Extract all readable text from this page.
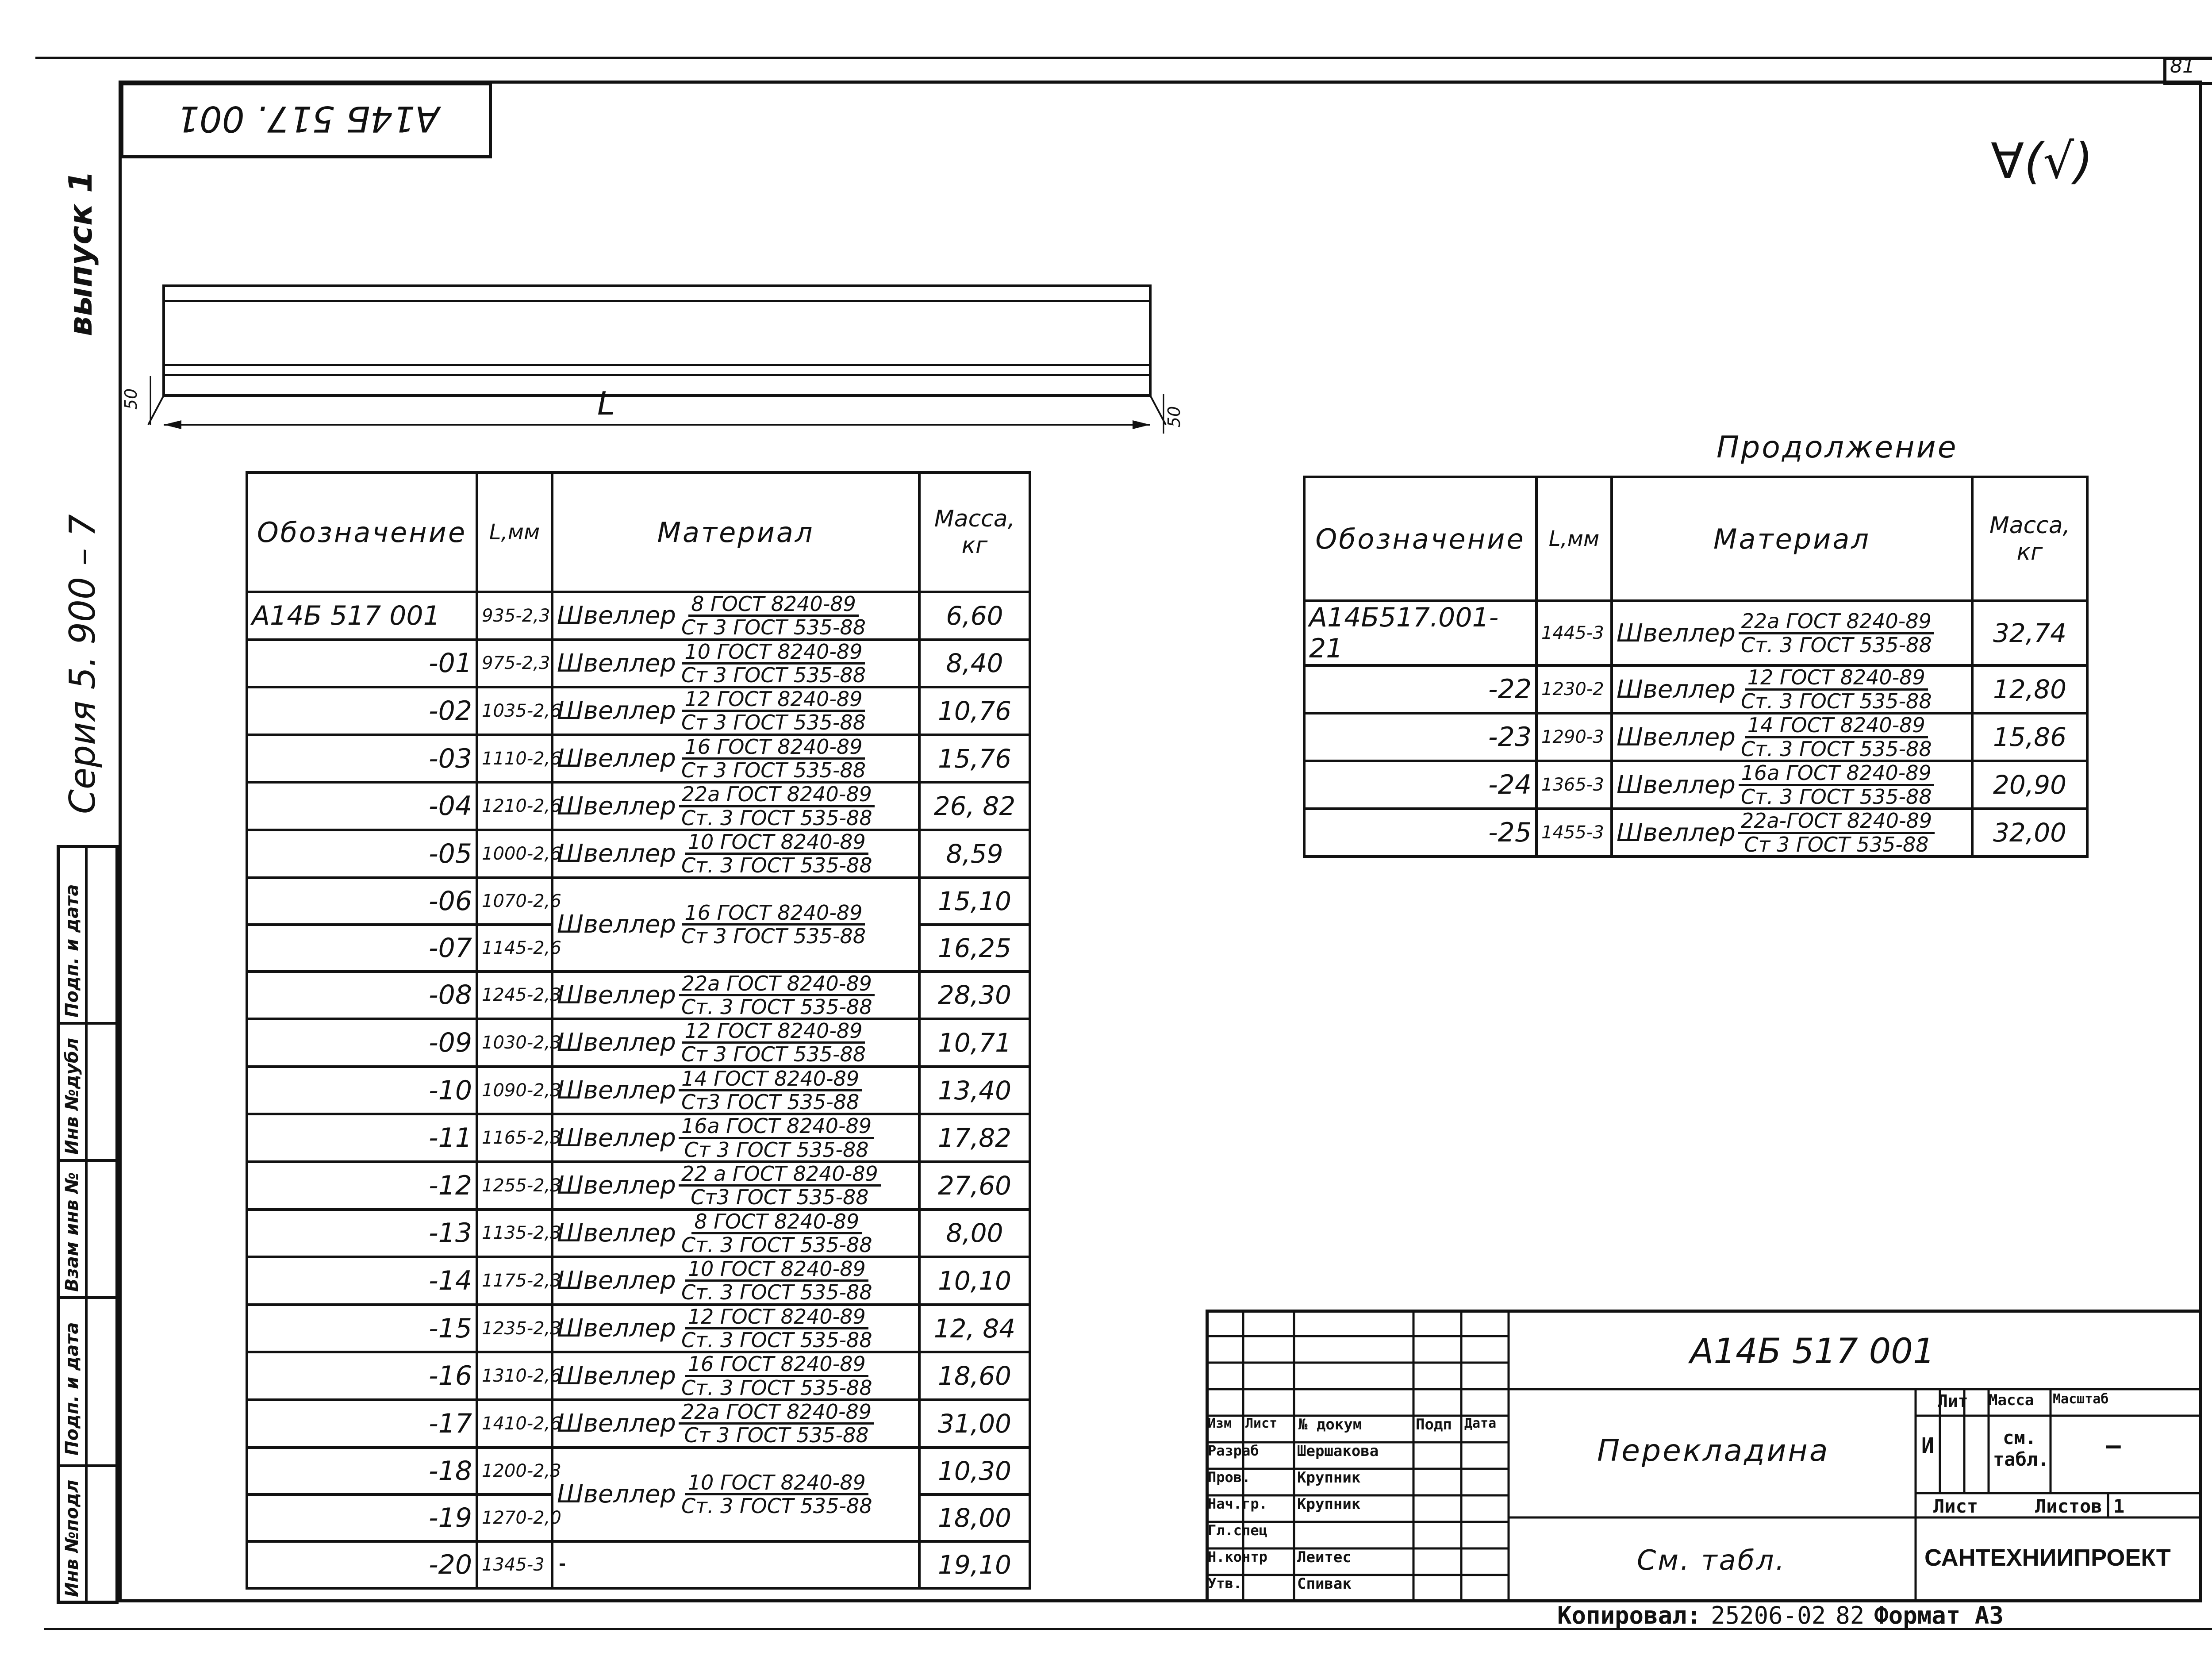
81
A14Б 517. 001
∀(√)
выпуск 1
Серия 5. 900 – 7
Инв №подл
Подп. и дата
Взам инв №
Инв №дубл
Подп. и дата
L
50
50
Обозначение	L,мм	Материал	Масса, кг
A14Б 517 001	935-2,3	Швеллер $\frac{\text{8 ГОСТ 8240-89}}{\text{Ст 3 ГОСТ 535-88}}$	6,60
-01	975-2,3	Швеллер $\frac{\text{10 ГОСТ 8240-89}}{\text{Ст 3 ГОСТ 535-88}}$	8,40
-02	1035-2,6	Швеллер $\frac{\text{12 ГОСТ 8240-89}}{\text{Ст 3 ГОСТ 535-88}}$	10,76
-03	1110-2,6	Швеллер $\frac{\text{16 ГОСТ 8240-89}}{\text{Ст 3 ГОСТ 535-88}}$	15,76
-04	1210-2,6	Швеллер $\frac{\text{22а ГОСТ 8240-89}}{\text{Ст. 3 ГОСТ 535-88}}$	26, 82
-05	1000-2,6	Швеллер $\frac{\text{10 ГОСТ 8240-89}}{\text{Ст. 3 ГОСТ 535-88}}$	8,59
-06	1070-2,6	Швеллер $\frac{\text{16 ГОСТ 8240-89}}{\text{Ст 3 ГОСТ 535-88}}$	15,10
-07	1145-2,6		16,25
-08	1245-2,3	Швеллер $\frac{\text{22а ГОСТ 8240-89}}{\text{Ст. 3 ГОСТ 535-88}}$	28,30
-09	1030-2,3	Швеллер $\frac{\text{12 ГОСТ 8240-89}}{\text{Ст 3 ГОСТ 535-88}}$	10,71
-10	1090-2,3	Швеллер $\frac{\text{14 ГОСТ 8240-89}}{\text{Ст3 ГОСТ 535-88}}$	13,40
-11	1165-2,3	Швеллер $\frac{\text{16а ГОСТ 8240-89}}{\text{Ст 3 ГОСТ 535-88}}$	17,82
-12	1255-2,3	Швеллер $\frac{\text{22 а ГОСТ 8240-89}}{\text{Ст3 ГОСТ 535-88}}$	27,60
-13	1135-2,3	Швеллер $\frac{\text{8 ГОСТ 8240-89}}{\text{Ст. 3 ГОСТ 535-88}}$	8,00
-14	1175-2,3	Швеллер $\frac{\text{10 ГОСТ 8240-89}}{\text{Ст. 3 ГОСТ 535-88}}$	10,10
-15	1235-2,3	Швеллер $\frac{\text{12 ГОСТ 8240-89}}{\text{Ст. 3 ГОСТ 535-88}}$	12, 84
-16	1310-2,6	Швеллер $\frac{\text{16 ГОСТ 8240-89}}{\text{Ст. 3 ГОСТ 535-88}}$	18,60
-17	1410-2,6	Швеллер $\frac{\text{22а ГОСТ 8240-89}}{\text{Ст 3 ГОСТ 535-88}}$	31,00
-18	1200-2,3	Швеллер $\frac{\text{10 ГОСТ 8240-89}}{\text{Ст. 3 ГОСТ 535-88}}$	10,30
-19	1270-2,0		18,00
-20	1345-3		19,10
Продолжение
Обозначение	L,мм	Материал	Масса, кг
A14Б517.001- 21	1445-3	Швеллер $\frac{\text{22а ГОСТ 8240-89}}{\text{Ст. 3 ГОСТ 535-88}}$	32,74
-22	1230-2	Швеллер $\frac{\text{12 ГОСТ 8240-89}}{\text{Ст. 3 ГОСТ 535-88}}$	12,80
-23	1290-3	Швеллер $\frac{\text{14 ГОСТ 8240-89}}{\text{Ст. 3 ГОСТ 535-88}}$	15,86
-24	1365-3	Швеллер $\frac{\text{16а ГОСТ 8240-89}}{\text{Ст. 3 ГОСТ 535-88}}$	20,90
-25	1455-3	Швеллер $\frac{\text{22а-ГОСТ 8240-89}}{\text{Ст 3 ГОСТ 535-88}}$	32,00
Изм Лист № докум	Подп Дата
Разраб	Шершакова
Пров.	Крупник
Нач.гр. Крупник
Гл.спец
Н.контр Леитес
Утв.	Спивак
A14Б 517 001
Перекладина
См. табл.	САНТЕХНИИПРОЕКТ
Лит Масса Масштаб
И	см. табл. —
Лист	Листов 1
Копировал: 25206-02 82 Формат А3
